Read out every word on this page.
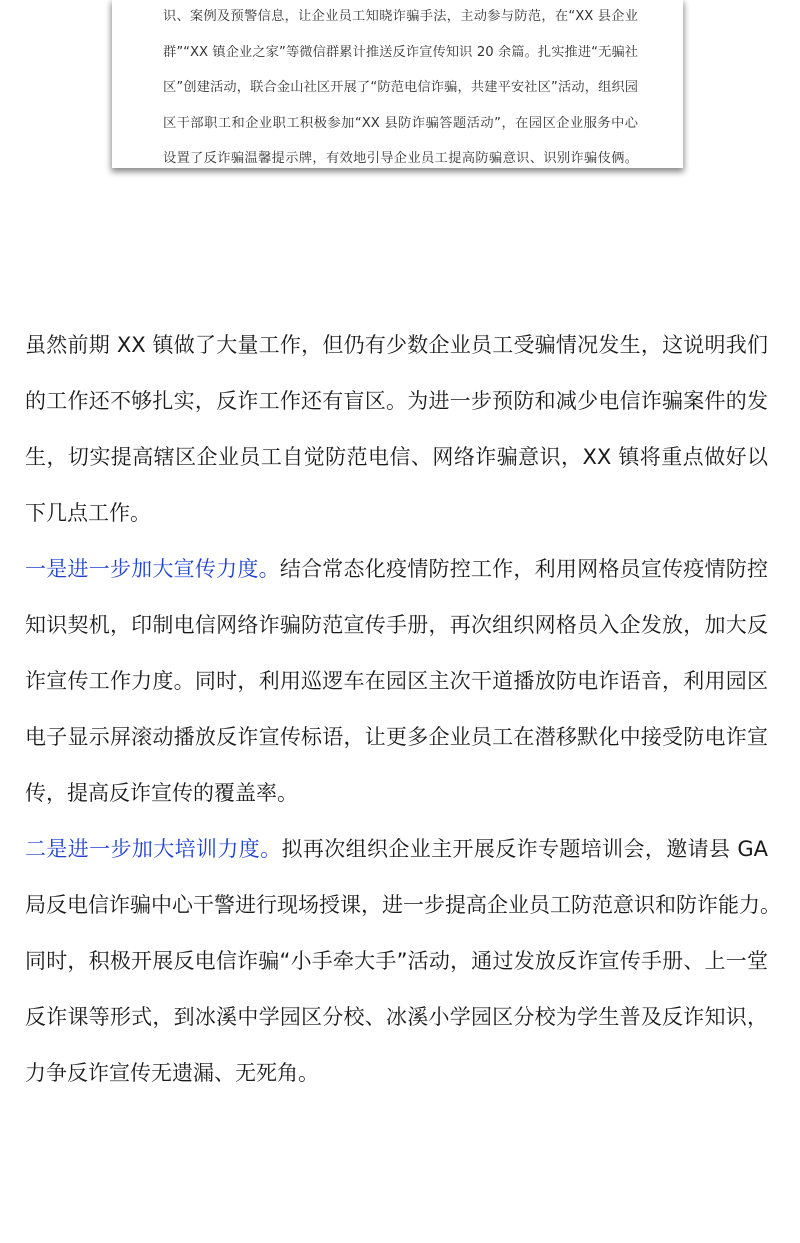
识、案例及预警信息，让企业员工知晓诈骗手法，主动参与防范，在“XX 县企业
群”“XX 镇企业之家”等微信群累计推送反诈宣传知识 20 余篇。扎实推进“无骗社
区”创建活动，联合金山社区开展了“防范电信诈骗，共建平安社区”活动，组织园
区干部职工和企业职工积极参加“XX 县防诈骗答题活动”，在园区企业服务中心
设置了反诈骗温馨提示牌，有效地引导企业员工提高防骗意识、识别诈骗伎俩。
虽然前期 XX 镇做了大量工作，但仍有少数企业员工受骗情况发生，这说明我们
的工作还不够扎实，反诈工作还有盲区。为进一步预防和减少电信诈骗案件的发
生，切实提高辖区企业员工自觉防范电信、网络诈骗意识，XX 镇将重点做好以
下几点工作。
一是进一步加大宣传力度。结合常态化疫情防控工作，利用网格员宣传疫情防控
知识契机，印制电信网络诈骗防范宣传手册，再次组织网格员入企发放，加大反
诈宣传工作力度。同时，利用巡逻车在园区主次干道播放防电诈语音，利用园区
电子显示屏滚动播放反诈宣传标语，让更多企业员工在潜移默化中接受防电诈宣
传，提高反诈宣传的覆盖率。
二是进一步加大培训力度。拟再次组织企业主开展反诈专题培训会，邀请县 GA
局反电信诈骗中心干警进行现场授课，进一步提高企业员工防范意识和防诈能力。
同时，积极开展反电信诈骗“小手牵大手”活动，通过发放反诈宣传手册、上一堂
反诈课等形式，到冰溪中学园区分校、冰溪小学园区分校为学生普及反诈知识，
力争反诈宣传无遗漏、无死角。
